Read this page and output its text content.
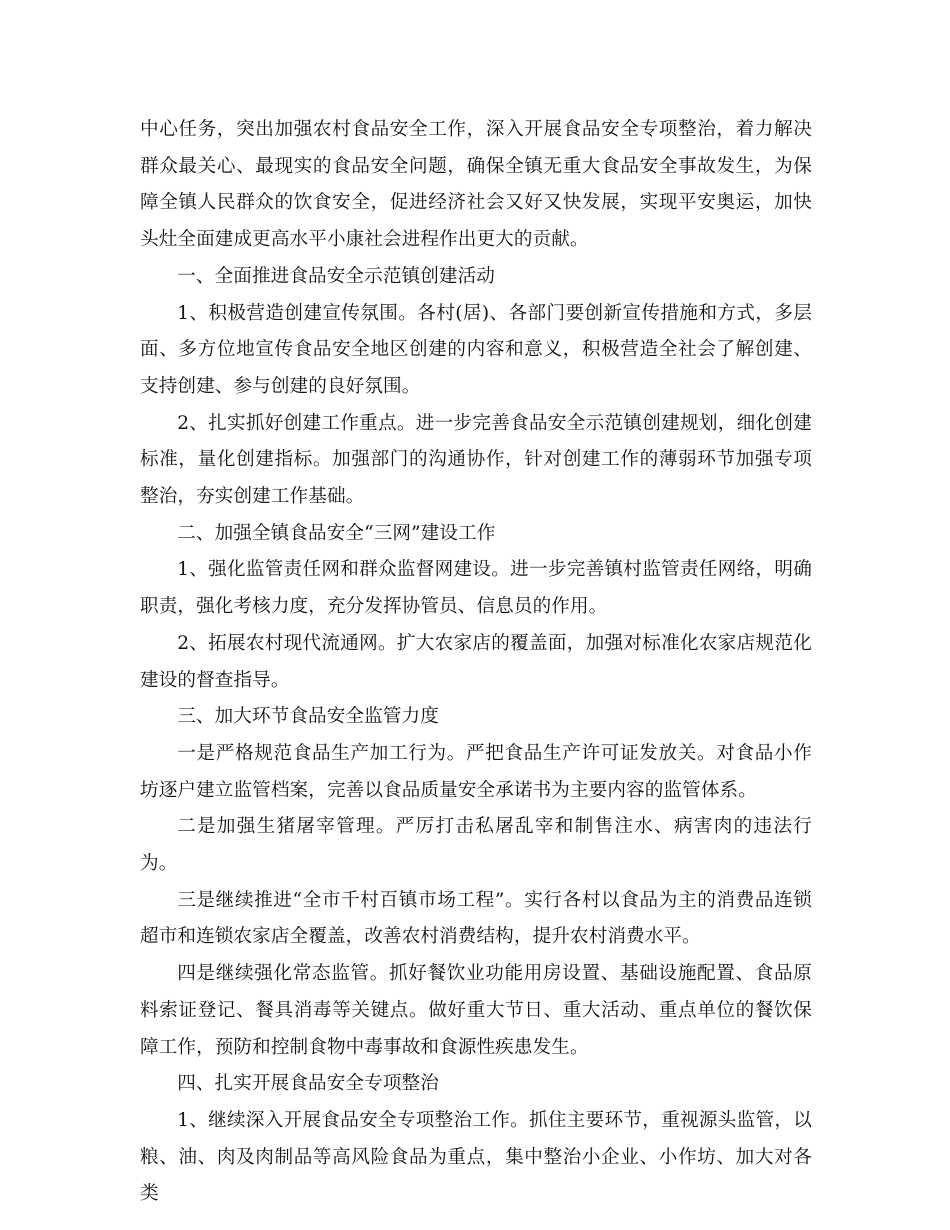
中心任务，突出加强农村食品安全工作，深入开展食品安全专项整治，着力解决群众最关心、最现实的食品安全问题，确保全镇无重大食品安全事故发生，为保障全镇人民群众的饮食安全，促进经济社会又好又快发展，实现平安奥运，加快头灶全面建成更高水平小康社会进程作出更大的贡献。

一、全面推进食品安全示范镇创建活动

1、积极营造创建宣传氛围。各村(居)、各部门要创新宣传措施和方式，多层面、多方位地宣传食品安全地区创建的内容和意义，积极营造全社会了解创建、支持创建、参与创建的良好氛围。

2、扎实抓好创建工作重点。进一步完善食品安全示范镇创建规划，细化创建标准，量化创建指标。加强部门的沟通协作，针对创建工作的薄弱环节加强专项整治，夯实创建工作基础。

二、加强全镇食品安全“三网”建设工作

1、强化监管责任网和群众监督网建设。进一步完善镇村监管责任网络，明确职责，强化考核力度，充分发挥协管员、信息员的作用。

2、拓展农村现代流通网。扩大农家店的覆盖面，加强对标准化农家店规范化建设的督查指导。

三、加大环节食品安全监管力度

一是严格规范食品生产加工行为。严把食品生产许可证发放关。对食品小作坊逐户建立监管档案，完善以食品质量安全承诺书为主要内容的监管体系。

二是加强生猪屠宰管理。严厉打击私屠乱宰和制售注水、病害肉的违法行为。

三是继续推进“全市千村百镇市场工程”。实行各村以食品为主的消费品连锁超市和连锁农家店全覆盖，改善农村消费结构，提升农村消费水平。

四是继续强化常态监管。抓好餐饮业功能用房设置、基础设施配置、食品原料索证登记、餐具消毒等关键点。做好重大节日、重大活动、重点单位的餐饮保障工作，预防和控制食物中毒事故和食源性疾患发生。

四、扎实开展食品安全专项整治

1、继续深入开展食品安全专项整治工作。抓住主要环节，重视源头监管，以粮、油、肉及肉制品等高风险食品为重点，集中整治小企业、小作坊、加大对各类
